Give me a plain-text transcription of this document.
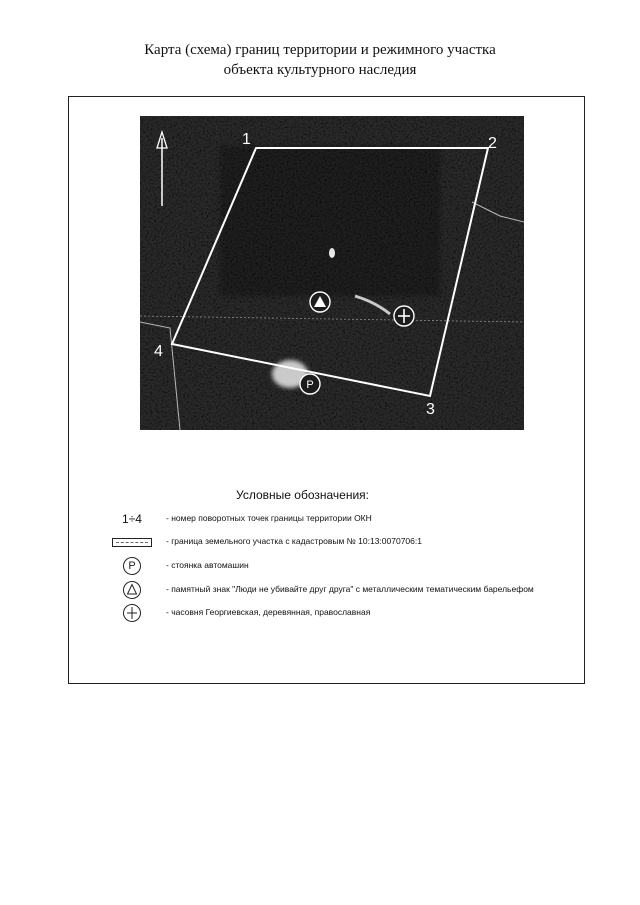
Карта (схема) границ территории и режимного участка
объекта культурного наследия
1	2
3
4
P
Условные обозначения:
1÷4	- номер поворотных точек границы территории ОКН
- граница земельного участка с кадастровым № 10:13:0070706:1
P	- стоянка автомашин
- памятный знак "Люди не убивайте друг друга" с металлическим тематическим барельефом
- часовня Георгиевская, деревянная, православная
